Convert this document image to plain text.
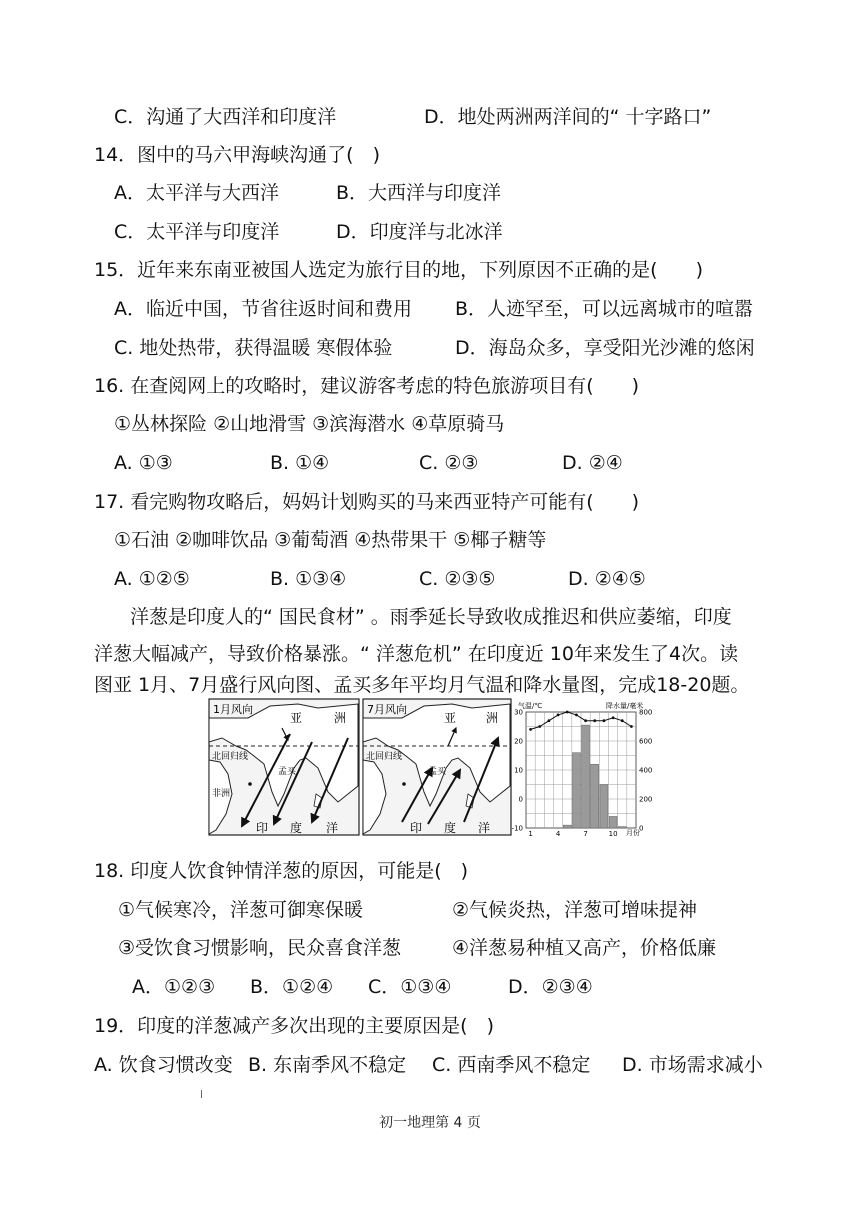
C．沟通了大西洋和印度洋	D．地处两洲两洋间的“ 十字路口”
14．图中的马六甲海峡沟通了(　)
A．太平洋与大西洋	B．大西洋与印度洋
C．太平洋与印度洋	D．印度洋与北冰洋
15．近年来东南亚被国人选定为旅行目的地，下列原因不正确的是(　　)
A．临近中国，节省往返时间和费用 B．人迹罕至，可以远离城市的喧嚣
C. 地处热带，获得温暖 寒假体验	D．海岛众多，享受阳光沙滩的悠闲
16. 在查阅网上的攻略时，建议游客考虑的特色旅游项目有(　　)
①丛林探险 ②山地滑雪 ③滨海潜水 ④草原骑马
A. ①③	B. ①④	C. ②③	D. ②④
17. 看完购物攻略后，妈妈计划购买的马来西亚特产可能有(　　)
①石油 ②咖啡饮品 ③葡萄酒 ④热带果干 ⑤椰子糖等
A. ①②⑤	B. ①③④	C. ②③⑤	D. ②④⑤
洋葱是印度人的“ 国民食材” 。雨季延长导致收成推迟和供应萎缩，印度
洋葱大幅减产，导致价格暴涨。“ 洋葱危机” 在印度近 10年来发生了4次。读
图亚 1月、7月盛行风向图、孟买多年平均月气温和降水量图，完成18-20题。
1月风向
亚	洲
北回归线
孟买
非洲
印 度 洋
7月风向
亚 洲
北回归线
孟买
印 度 洋
气温/℃	降水量/毫米
月份
30
20
10
0
-10
800
600
400
200
0
1	4	7	10
18. 印度人饮食钟情洋葱的原因，可能是(　)
①气候寒冷，洋葱可御寒保暖	②气候炎热，洋葱可增味提神
③受饮食习惯影响，民众喜食洋葱	④洋葱易种植又高产，价格低廉
A．①②③ B．①②④ C．①③④	D．②③④
19．印度的洋葱减产多次出现的主要原因是(　)
A. 饮食习惯改变 B. 东南季风不稳定 C. 西南季风不稳定 D. 市场需求减小
初一地理第 4 页
